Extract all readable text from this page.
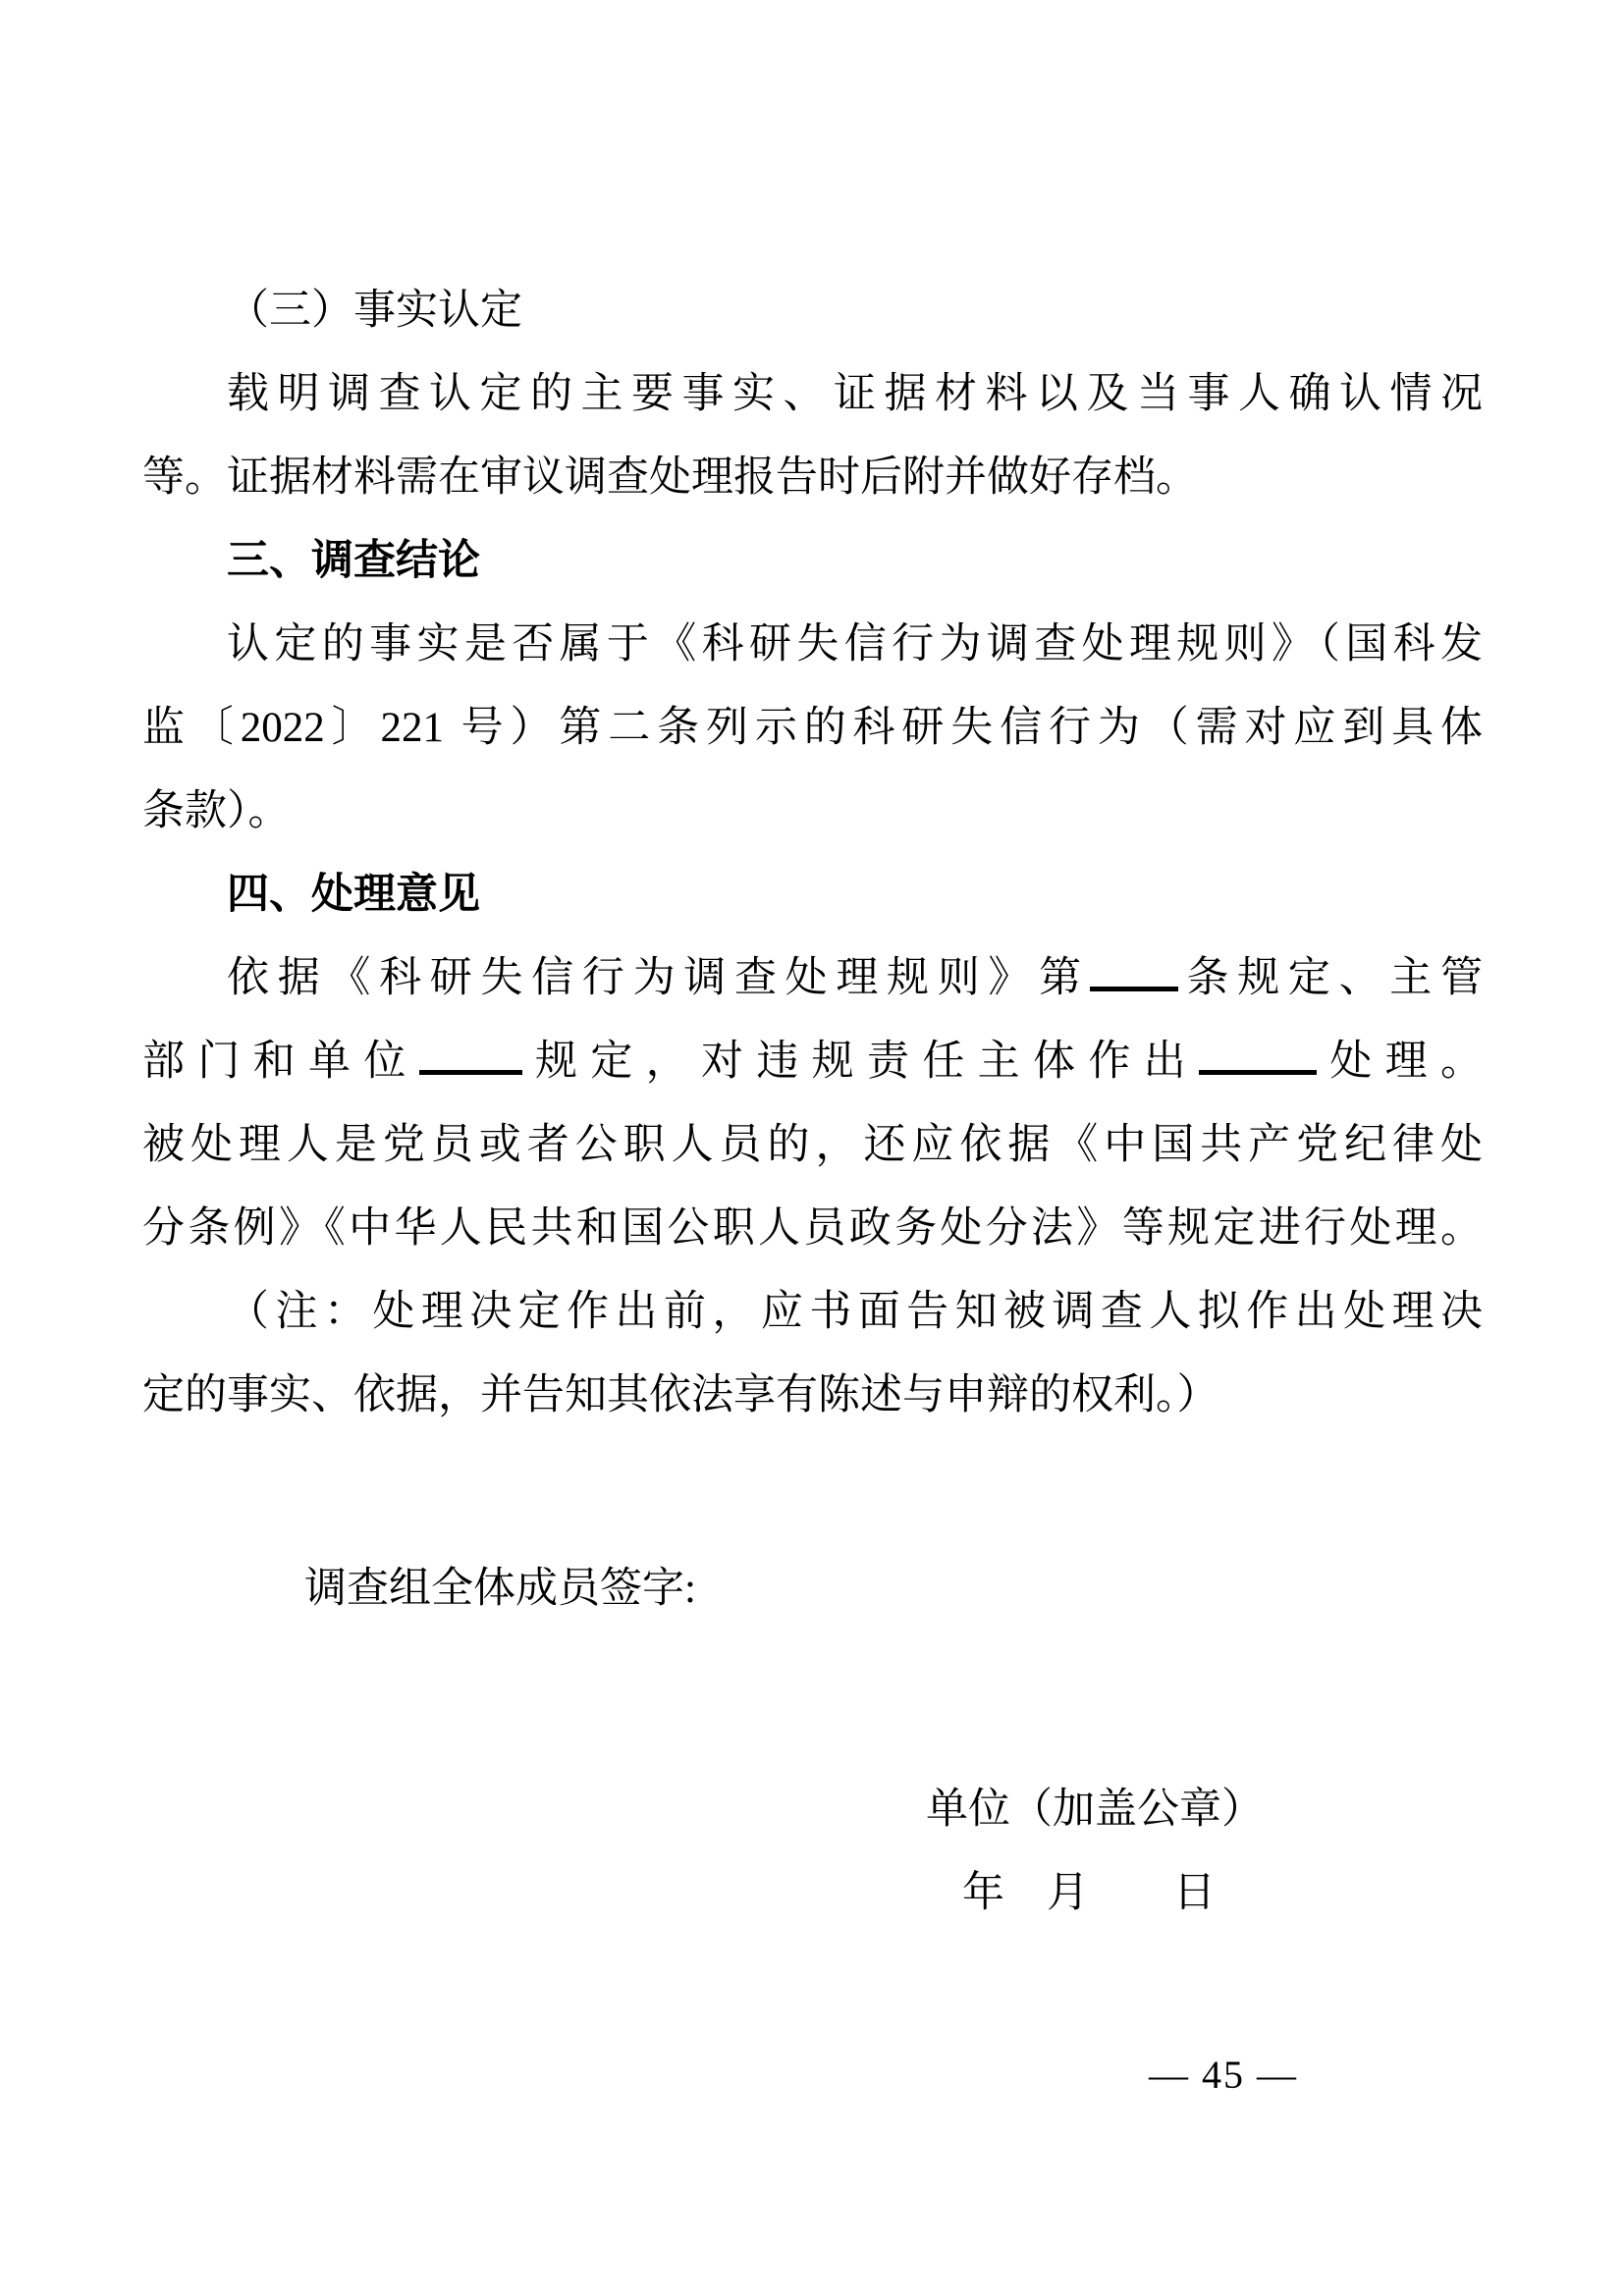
（三）事实认定
载明调查认定的主要事实、证据材料以及当事人确认情况
等。证据材料需在审议调查处理报告时后附并做好存档。
三、调查结论
认定的事实是否属于《科研失信行为调查处理规则》（国科发
监〔2022〕221 号）第二条列示的科研失信行为（需对应到具体
条款）。
四、处理意见
依据《科研失信行为调查处理规则》第 条规定、主管
部门和单位 规定，对违规责任主体作出	处理。
被处理人是党员或者公职人员的，还应依据《中国共产党纪律处
分条例》《中华人民共和国公职人员政务处分法》等规定进行处理。
（注：处理决定作出前，应书面告知被调查人拟作出处理决
定的事实、依据，并告知其依法享有陈述与申辩的权利。）
调查组全体成员签字:
单位（加盖公章）
年　月　　日
— 45 —
